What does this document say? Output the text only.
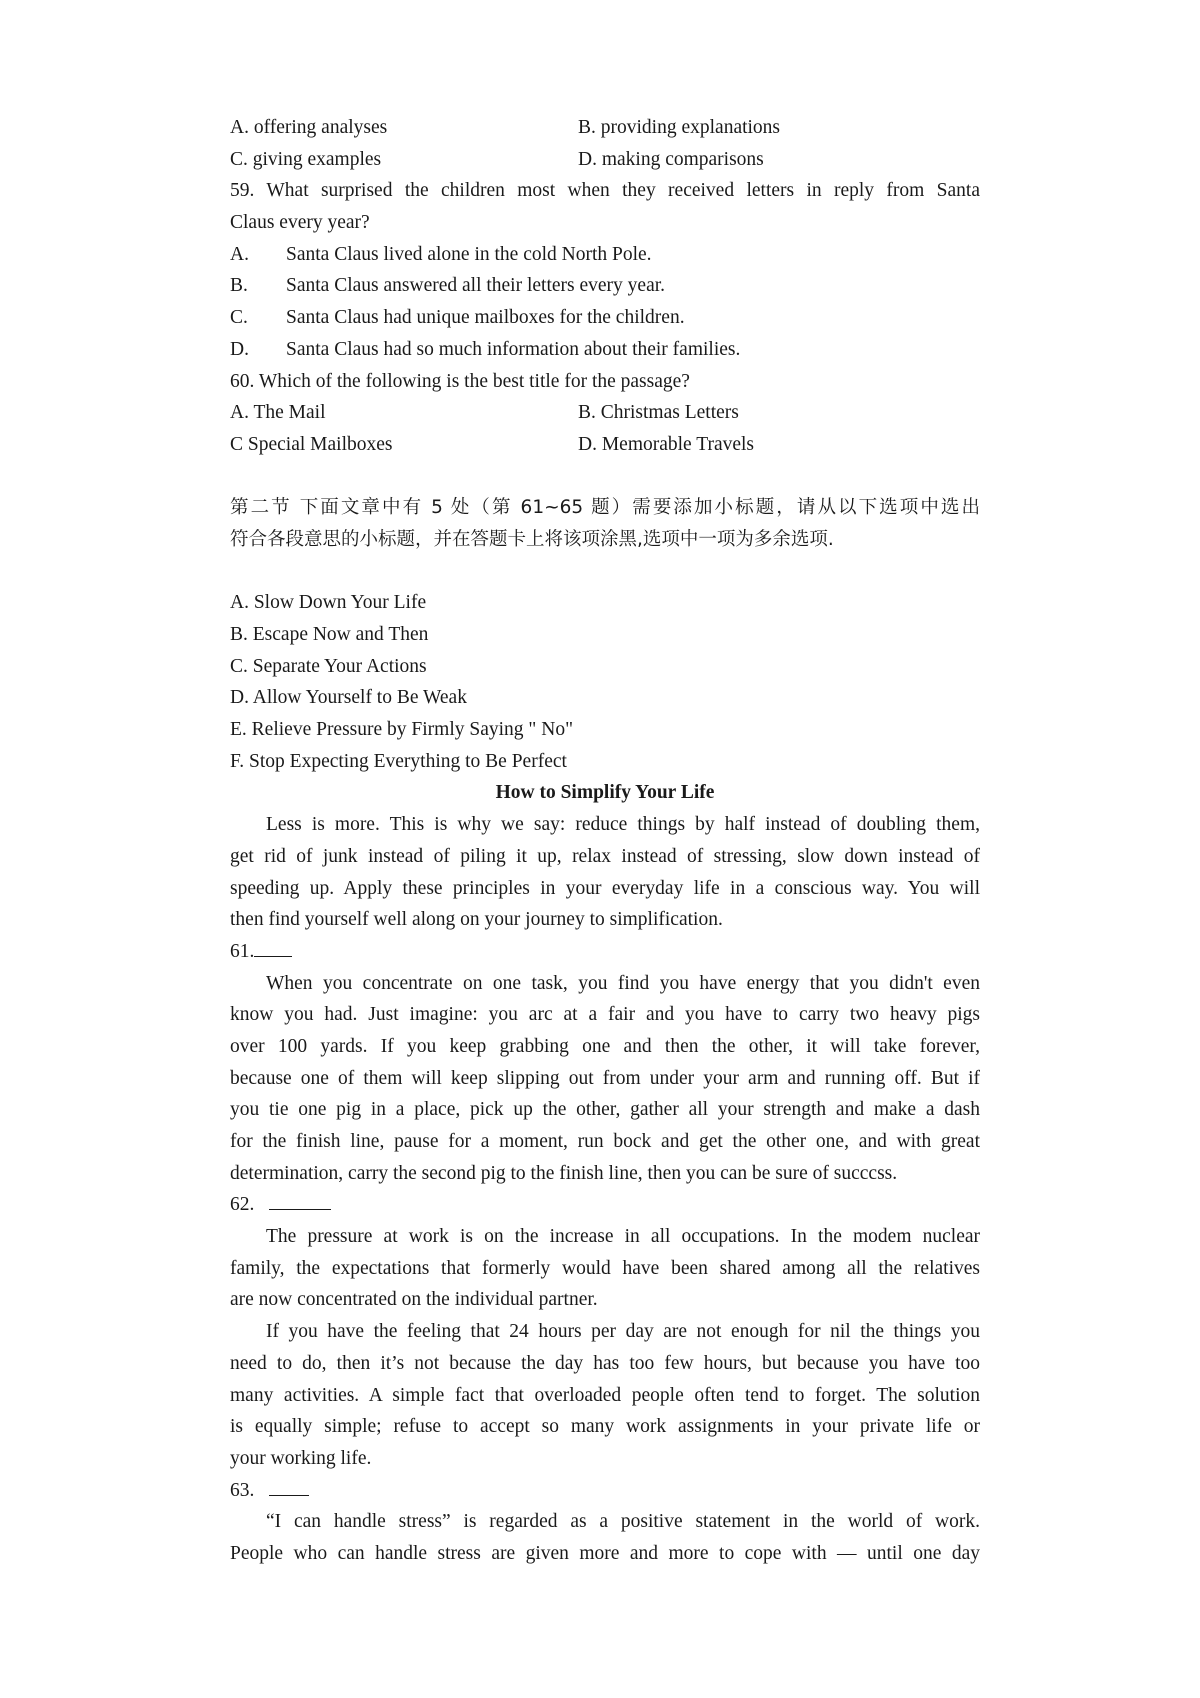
A. offering analyses	B. providing explanations
C. giving examples	D. making comparisons
59. What surprised the children most when they received letters in reply from Santa
Claus every year?
A.	Santa Claus lived alone in the cold North Pole.
B.	Santa Claus answered all their letters every year.
C.	Santa Claus had unique mailboxes for the children.
D.	Santa Claus had so much information about their families.
60. Which of the following is the best title for the passage?
A. The Mail	B. Christmas Letters
C Special Mailboxes	D. Memorable Travels
第二节 下面文章中有 5 处（第 61~65 题）需要添加小标题，请从以下选项中选出
符合各段意思的小标题，并在答题卡上将该项涂黑,选项中一项为多余选项.
A. Slow Down Your Life
B. Escape Now and Then
C. Separate Your Actions
D. Allow Yourself to Be Weak
E. Relieve Pressure by Firmly Saying " No"
F. Stop Expecting Everything to Be Perfect
How to Simplify Your Life
Less is more. This is why we say: reduce things by half instead of doubling them,
get rid of junk instead of piling it up, relax instead of stressing, slow down instead of
speeding up. Apply these principles in your everyday life in a conscious way. You will
then find yourself well along on your journey to simplification.
61.
When you concentrate on one task, you find you have energy that you didn't even
know you had. Just imagine: you arc at a fair and you have to carry two heavy pigs
over 100 yards. If you keep grabbing one and then the other, it will take forever,
because one of them will keep slipping out from under your arm and running off. But if
you tie one pig in a place, pick up the other, gather all your strength and make a dash
for the finish line, pause for a moment, run bock and get the other one, and with great
determination, carry the second pig to the finish line, then you can be sure of succcss.
62.
The pressure at work is on the increase in all occupations. In the modem nuclear
family, the expectations that formerly would have been shared among all the relatives
are now concentrated on the individual partner.
If you have the feeling that 24 hours per day are not enough for nil the things you
need to do, then it’s not because the day has too few hours, but because you have too
many activities. A simple fact that overloaded people often tend to forget. The solution
is equally simple; refuse to accept so many work assignments in your private life or
your working life.
63.
“I can handle stress” is regarded as a positive statement in the world of work.
People who can handle stress are given more and more to cope with — until one day
